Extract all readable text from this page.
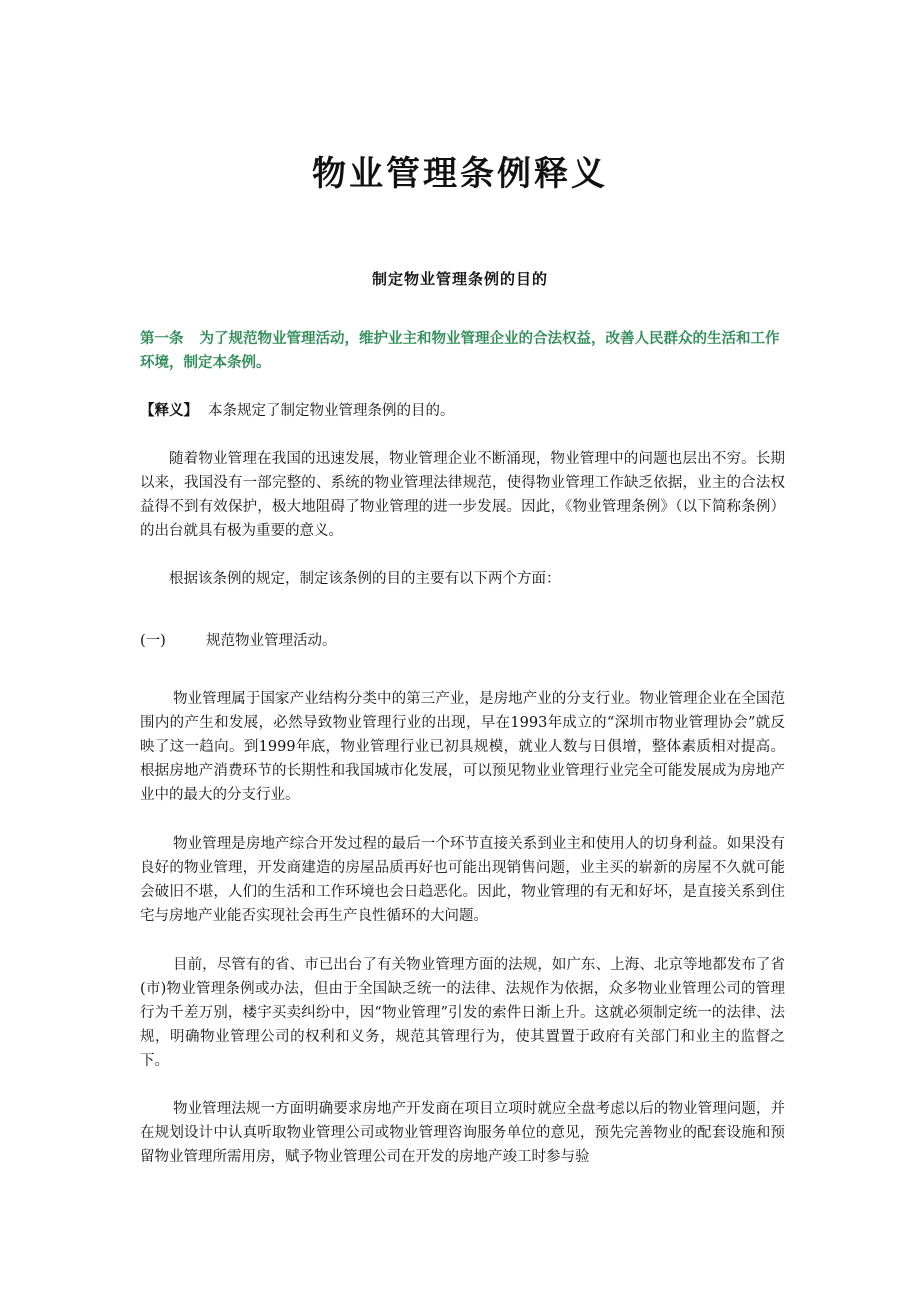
物业管理条例释义
制定物业管理条例的目的
第一条 为了规范物业管理活动，维护业主和物业管理企业的合法权益，改善人民群众的生活和工作环境，制定本条例。
【释义】 本条规定了制定物业管理条例的目的。
随着物业管理在我国的迅速发展，物业管理企业不断涌现，物业管理中的问题也层出不穷。长期以来，我国没有一部完整的、系统的物业管理法律规范，使得物业管理工作缺乏依据，业主的合法权益得不到有效保护，极大地阻碍了物业管理的进一步发展。因此，《物业管理条例》（以下简称条例）的出台就具有极为重要的意义。
根据该条例的规定，制定该条例的目的主要有以下两个方面：
(一)	规范物业管理活动。
物业管理属于国家产业结构分类中的第三产业，是房地产业的分支行业。物业管理企业在全国范围内的产生和发展，必然导致物业管理行业的出现，早在1993年成立的“深圳市物业管理协会”就反映了这一趋向。到1999年底，物业管理行业已初具规模，就业人数与日俱增，整体素质相对提高。根据房地产消费环节的长期性和我国城市化发展，可以预见物业业管理行业完全可能发展成为房地产业中的最大的分支行业。
物业管理是房地产综合开发过程的最后一个环节直接关系到业主和使用人的切身利益。如果没有良好的物业管理，开发商建造的房屋品质再好也可能出现销售问题，业主买的崭新的房屋不久就可能会破旧不堪，人们的生活和工作环境也会日趋恶化。因此，物业管理的有无和好坏，是直接关系到住宅与房地产业能否实现社会再生产良性循环的大问题。
目前，尽管有的省、市已出台了有关物业管理方面的法规，如广东、上海、北京等地都发布了省(市)物业管理条例或办法，但由于全国缺乏统一的法律、法规作为依据，众多物业业管理公司的管理行为千差万别，楼宇买卖纠纷中，因“物业管理”引发的索件日渐上升。这就必须制定统一的法律、法规，明确物业管理公司的权利和义务，规范其管理行为，使其置置于政府有关部门和业主的监督之下。
物业管理法规一方面明确要求房地产开发商在项目立项时就应全盘考虑以后的物业管理问题，并在规划设计中认真听取物业管理公司或物业管理咨询服务单位的意见，预先完善物业的配套设施和预留物业管理所需用房，赋予物业管理公司在开发的房地产竣工时参与验
